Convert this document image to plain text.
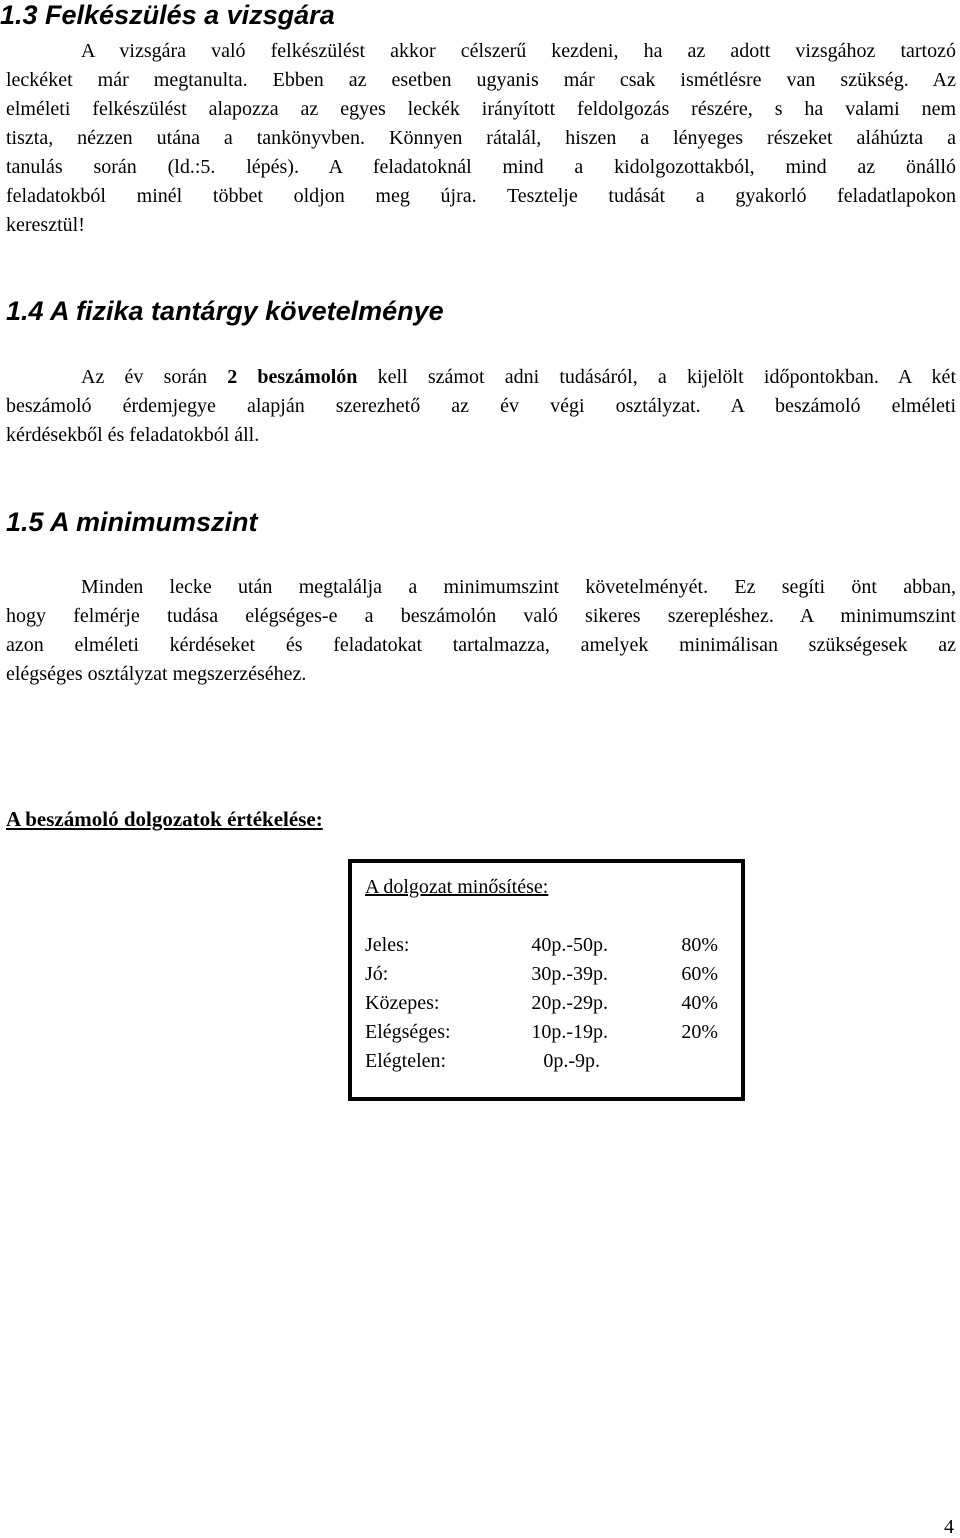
1.3 Felkészülés a vizsgára
A vizsgára való felkészülést akkor célszerű kezdeni, ha az adott vizsgához tartozó
leckéket már megtanulta. Ebben az esetben ugyanis már csak ismétlésre van szükség. Az
elméleti felkészülést alapozza az egyes leckék irányított feldolgozás részére, s ha valami nem
tiszta, nézzen utána a tankönyvben. Könnyen rátalál, hiszen a lényeges részeket aláhúzta a
tanulás során (ld.:5. lépés). A feladatoknál mind a kidolgozottakból, mind az önálló
feladatokból minél többet oldjon meg újra. Tesztelje tudását a gyakorló feladatlapokon
keresztül!
1.4 A fizika tantárgy követelménye
Az év során 2 beszámolón kell számot adni tudásáról, a kijelölt időpontokban. A két
beszámoló érdemjegye alapján szerezhető az év végi osztályzat. A beszámoló elméleti
kérdésekből és feladatokból áll.
1.5 A minimumszint
Minden lecke után megtalálja a minimumszint követelményét. Ez segíti önt abban,
hogy felmérje tudása elégséges-e a beszámolón való sikeres szerepléshez. A minimumszint
azon elméleti kérdéseket és feladatokat tartalmazza, amelyek minimálisan szükségesek az
elégséges osztályzat megszerzéséhez.
A beszámoló dolgozatok értékelése:
A dolgozat minősítése:
Jeles:	40p.-50p.	80%
Jó:	30p.-39p.	60%
Közepes:	20p.-29p.	40%
Elégséges:	10p.-19p.	20%
Elégtelen:	0p.-9p.
4
